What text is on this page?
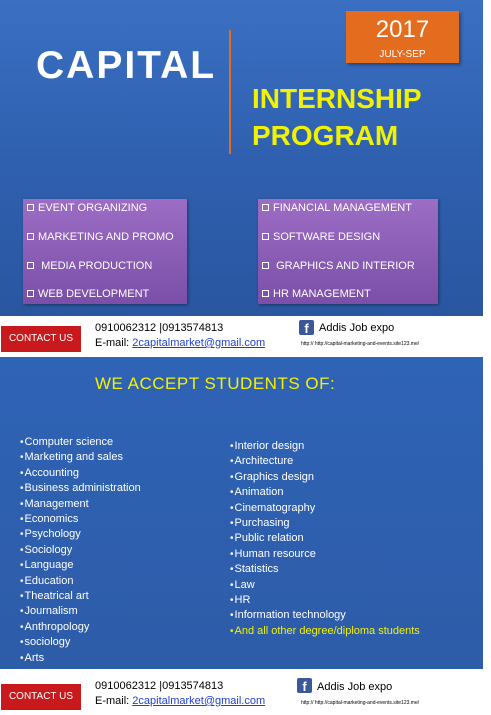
2017
JULY-SEP
CAPITAL
INTERNSHIP
PROGRAM
EVENT ORGANIZING
MARKETING AND PROMO
MEDIA PRODUCTION
WEB DEVELOPMENT
FINANCIAL MANAGEMENT
SOFTWARE DESIGN
GRAPHICS AND INTERIOR
HR MANAGEMENT
CONTACT US
0910062312 |0913574813
E-mail: 2capitalmarket@gmail.com
f Addis Job expo
http:// http://capital-marketing-and-events.site123.me/
WE ACCEPT STUDENTS OF:
•Computer science
•Marketing and sales
•Accounting
•Business administration
•Management
•Economics
•Psychology
•Sociology
•Language
•Education
•Theatrical art
•Journalism
•Anthropology
•sociology
•Arts
•Interior design
•Architecture
•Graphics design
•Animation
•Cinematography
•Purchasing
•Public relation
•Human resource
•Statistics
•Law
•HR
•Information technology
•And all other degree/diploma students
CONTACT US
0910062312 |0913574813
E-mail: 2capitalmarket@gmail.com
f Addis Job expo
http:// http://capital-marketing-and-events.site123.me/
